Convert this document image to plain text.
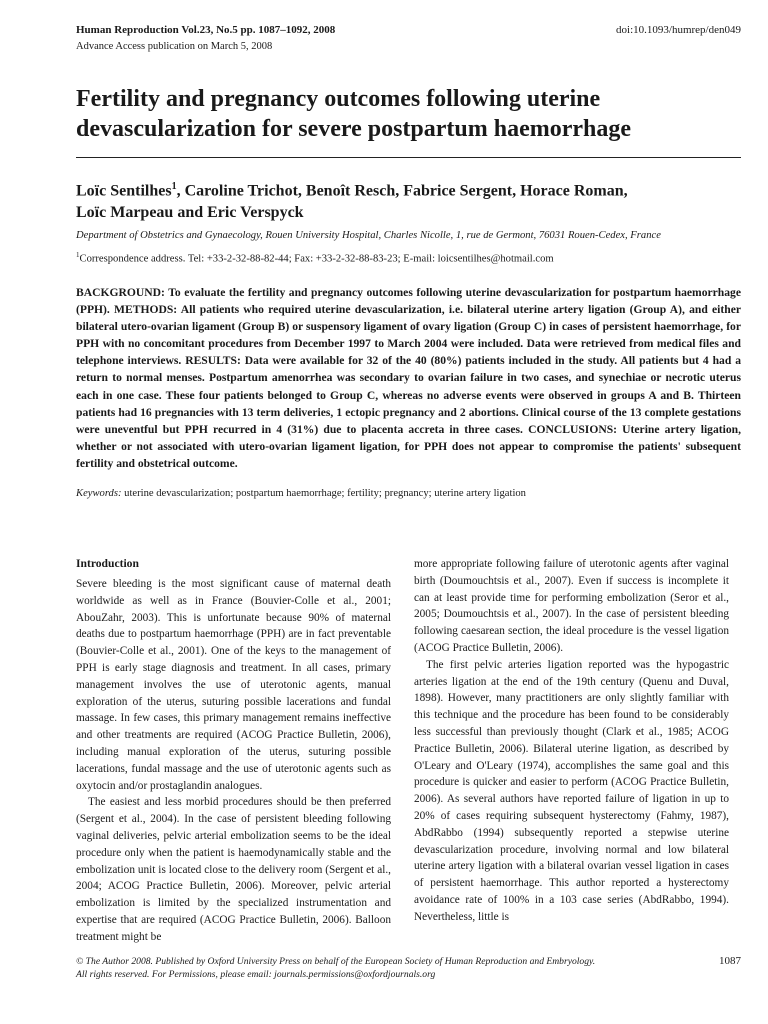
Human Reproduction Vol.23, No.5 pp. 1087–1092, 2008
Advance Access publication on March 5, 2008
doi:10.1093/humrep/den049
Fertility and pregnancy outcomes following uterine devascularization for severe postpartum haemorrhage

Loïc Sentilhes$^1$, Caroline Trichot, Benoît Resch, Fabrice Sergent, Horace Roman,
Loïc Marpeau and Eric Verspyck

Department of Obstetrics and Gynaecology, Rouen University Hospital, Charles Nicolle, 1, rue de Germont, 76031 Rouen-Cedex, France
$^1$Correspondence address. Tel: +33-2-32-88-82-44; Fax: +33-2-32-88-83-23; E-mail: loicsentilhes@hotmail.com

BACKGROUND: To evaluate the fertility and pregnancy outcomes following uterine devascularization for postpartum haemorrhage (PPH). METHODS: All patients who required uterine devascularization, i.e. bilateral uterine artery ligation (Group A), and either bilateral utero-ovarian ligament (Group B) or suspensory ligament of ovary ligation (Group C) in cases of persistent haemorrhage, for PPH with no concomitant procedures from December 1997 to March 2004 were included. Data were retrieved from medical files and telephone interviews. RESULTS: Data were available for 32 of the 40 (80%) patients included in the study. All patients but 4 had a return to normal menses. Postpartum amenorrhea was secondary to ovarian failure in two cases, and synechiae or necrotic uterus each in one case. These four patients belonged to Group C, whereas no adverse events were observed in groups A and B. Thirteen patients had 16 pregnancies with 13 term deliveries, 1 ectopic pregnancy and 2 abortions. Clinical course of the 13 complete gestations were uneventful but PPH recurred in 4 (31%) due to placenta accreta in three cases. CONCLUSIONS: Uterine artery ligation, whether or not associated with utero-ovarian ligament ligation, for PPH does not appear to compromise the patients' subsequent fertility and obstetrical outcome.

Keywords: uterine devascularization; postpartum haemorrhage; fertility; pregnancy; uterine artery ligation
Introduction

Severe bleeding is the most significant cause of maternal death worldwide as well as in France (Bouvier-Colle et al., 2001; AbouZahr, 2003). This is unfortunate because 90% of maternal deaths due to postpartum haemorrhage (PPH) are in fact preventable (Bouvier-Colle et al., 2001). One of the keys to the management of PPH is early stage diagnosis and treatment. In all cases, primary management involves the use of uterotonic agents, manual exploration of the uterus, suturing possible lacerations and fundal massage. In few cases, this primary management remains ineffective and other treatments are required (ACOG Practice Bulletin, 2006), including manual exploration of the uterus, suturing possible lacerations, fundal massage and the use of uterotonic agents such as oxytocin and/or prostaglandin analogues.

The easiest and less morbid procedures should be then preferred (Sergent et al., 2004). In the case of persistent bleeding following vaginal deliveries, pelvic arterial embolization seems to be the ideal procedure only when the patient is haemodynamically stable and the embolization unit is located close to the delivery room (Sergent et al., 2004; ACOG Practice Bulletin, 2006). Moreover, pelvic arterial embolization is limited by the specialized instrumentation and expertise that are required (ACOG Practice Bulletin, 2006). Balloon treatment might be

more appropriate following failure of uterotonic agents after vaginal birth (Doumouchtsis et al., 2007). Even if success is incomplete it can at least provide time for performing embolization (Seror et al., 2005; Doumouchtsis et al., 2007). In the case of persistent bleeding following caesarean section, the ideal procedure is the vessel ligation (ACOG Practice Bulletin, 2006).

The first pelvic arteries ligation reported was the hypogastric arteries ligation at the end of the 19th century (Quenu and Duval, 1898). However, many practitioners are only slightly familiar with this technique and the procedure has been found to be considerably less successful than previously thought (Clark et al., 1985; ACOG Practice Bulletin, 2006). Bilateral uterine ligation, as described by O'Leary and O'Leary (1974), accomplishes the same goal and this procedure is quicker and easier to perform (ACOG Practice Bulletin, 2006). As several authors have reported failure of ligation in up to 20% of cases requiring subsequent hysterectomy (Fahmy, 1987), AbdRabbo (1994) subsequently reported a stepwise uterine devascularization procedure, involving normal and low bilateral uterine artery ligation with a bilateral ovarian vessel ligation in cases of persistent haemorrhage. This author reported a hysterectomy avoidance rate of 100% in a 103 case series (AbdRabbo, 1994). Nevertheless, little is

© The Author 2008. Published by Oxford University Press on behalf of the European Society of Human Reproduction and Embryology.
All rights reserved. For Permissions, please email: journals.permissions@oxfordjournals.org
1087
